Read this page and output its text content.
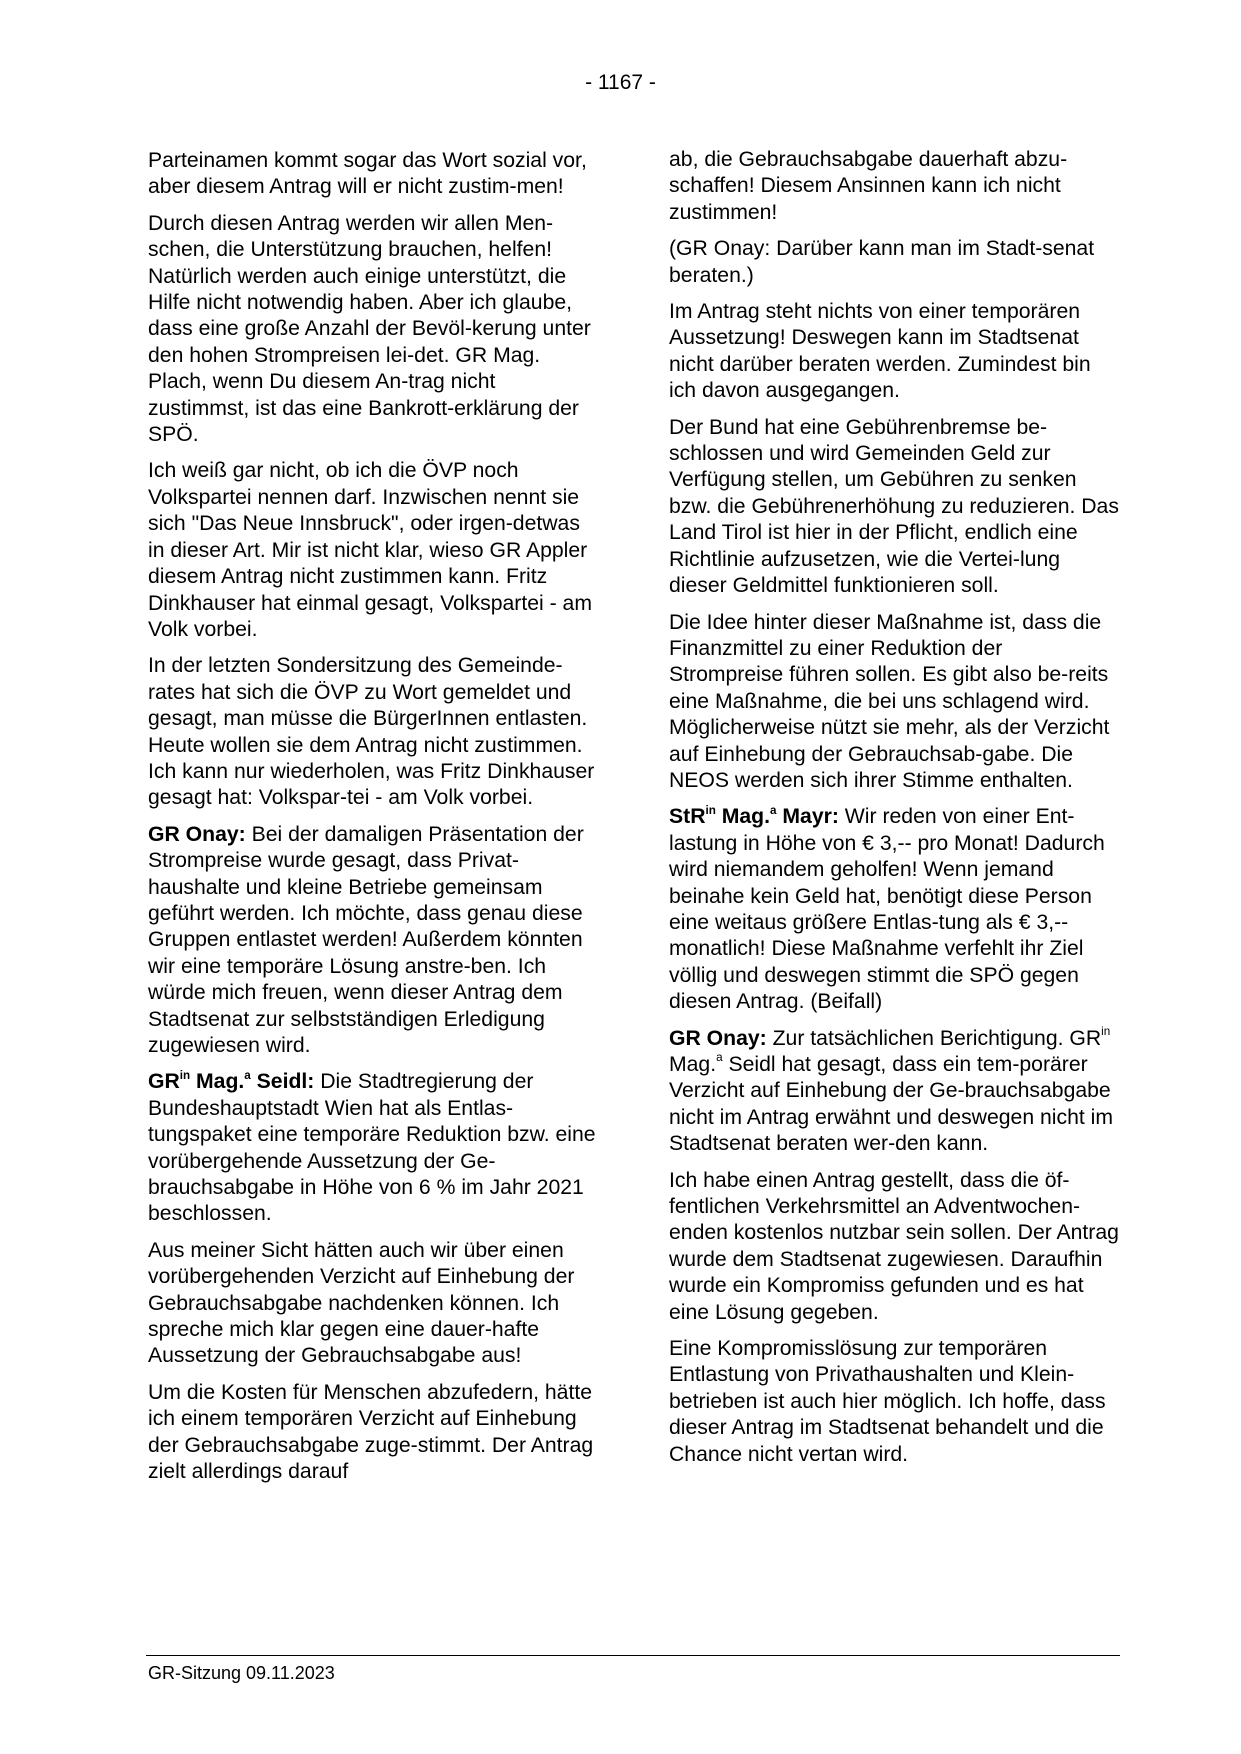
- 1167 -

Parteinamen kommt sogar das Wort sozial vor, aber diesem Antrag will er nicht zustim-men!

Durch diesen Antrag werden wir allen Men-schen, die Unterstützung brauchen, helfen! Natürlich werden auch einige unterstützt, die Hilfe nicht notwendig haben. Aber ich glaube, dass eine große Anzahl der Bevöl-kerung unter den hohen Strompreisen lei-det. GR Mag. Plach, wenn Du diesem An-trag nicht zustimmst, ist das eine Bankrott-erklärung der SPÖ.

Ich weiß gar nicht, ob ich die ÖVP noch Volkspartei nennen darf. Inzwischen nennt sie sich "Das Neue Innsbruck", oder irgen-detwas in dieser Art. Mir ist nicht klar, wieso GR Appler diesem Antrag nicht zustimmen kann. Fritz Dinkhauser hat einmal gesagt, Volkspartei - am Volk vorbei.

In der letzten Sondersitzung des Gemeinde-rates hat sich die ÖVP zu Wort gemeldet und gesagt, man müsse die BürgerInnen entlasten. Heute wollen sie dem Antrag nicht zustimmen. Ich kann nur wiederholen, was Fritz Dinkhauser gesagt hat: Volkspar-tei - am Volk vorbei.

GR Onay: Bei der damaligen Präsentation der Strompreise wurde gesagt, dass Privat-haushalte und kleine Betriebe gemeinsam geführt werden. Ich möchte, dass genau diese Gruppen entlastet werden! Außerdem könnten wir eine temporäre Lösung anstre-ben. Ich würde mich freuen, wenn dieser Antrag dem Stadtsenat zur selbstständigen Erledigung zugewiesen wird.

$GR^{in}$ Mag.$^a$ Seidl: Die Stadtregierung der Bundeshauptstadt Wien hat als Entlas-tungspaket eine temporäre Reduktion bzw. eine vorübergehende Aussetzung der Ge-brauchsabgabe in Höhe von 6 % im Jahr 2021 beschlossen.

Aus meiner Sicht hätten auch wir über einen vorübergehenden Verzicht auf Einhebung der Gebrauchsabgabe nachdenken können. Ich spreche mich klar gegen eine dauer-hafte Aussetzung der Gebrauchsabgabe aus!

Um die Kosten für Menschen abzufedern, hätte ich einem temporären Verzicht auf Einhebung der Gebrauchsabgabe zuge-stimmt. Der Antrag zielt allerdings darauf

ab, die Gebrauchsabgabe dauerhaft abzu-schaffen! Diesem Ansinnen kann ich nicht zustimmen!

(GR Onay: Darüber kann man im Stadt-senat beraten.)

Im Antrag steht nichts von einer temporären Aussetzung! Deswegen kann im Stadtsenat nicht darüber beraten werden. Zumindest bin ich davon ausgegangen.

Der Bund hat eine Gebührenbremse be-schlossen und wird Gemeinden Geld zur Verfügung stellen, um Gebühren zu senken bzw. die Gebührenerhöhung zu reduzieren. Das Land Tirol ist hier in der Pflicht, endlich eine Richtlinie aufzusetzen, wie die Vertei-lung dieser Geldmittel funktionieren soll.

Die Idee hinter dieser Maßnahme ist, dass die Finanzmittel zu einer Reduktion der Strompreise führen sollen. Es gibt also be-reits eine Maßnahme, die bei uns schlagend wird. Möglicherweise nützt sie mehr, als der Verzicht auf Einhebung der Gebrauchsab-gabe. Die NEOS werden sich ihrer Stimme enthalten.

StR$^{in}$ Mag.$^a$ Mayr: Wir reden von einer Ent-lastung in Höhe von € 3,-- pro Monat! Dadurch wird niemandem geholfen! Wenn jemand beinahe kein Geld hat, benötigt diese Person eine weitaus größere Entlas-tung als € 3,-- monatlich! Diese Maßnahme verfehlt ihr Ziel völlig und deswegen stimmt die SPÖ gegen diesen Antrag. (Beifall)

GR Onay: Zur tatsächlichen Berichtigung. $GR^{in}$ Mag.$^a$ Seidl hat gesagt, dass ein tem-porärer Verzicht auf Einhebung der Ge-brauchsabgabe nicht im Antrag erwähnt und deswegen nicht im Stadtsenat beraten wer-den kann.

Ich habe einen Antrag gestellt, dass die öf-fentlichen Verkehrsmittel an Adventwochen-enden kostenlos nutzbar sein sollen. Der Antrag wurde dem Stadtsenat zugewiesen. Daraufhin wurde ein Kompromiss gefunden und es hat eine Lösung gegeben.

Eine Kompromisslösung zur temporären Entlastung von Privathaushalten und Klein-betrieben ist auch hier möglich. Ich hoffe, dass dieser Antrag im Stadtsenat behandelt und die Chance nicht vertan wird.

GR-Sitzung 09.11.2023
